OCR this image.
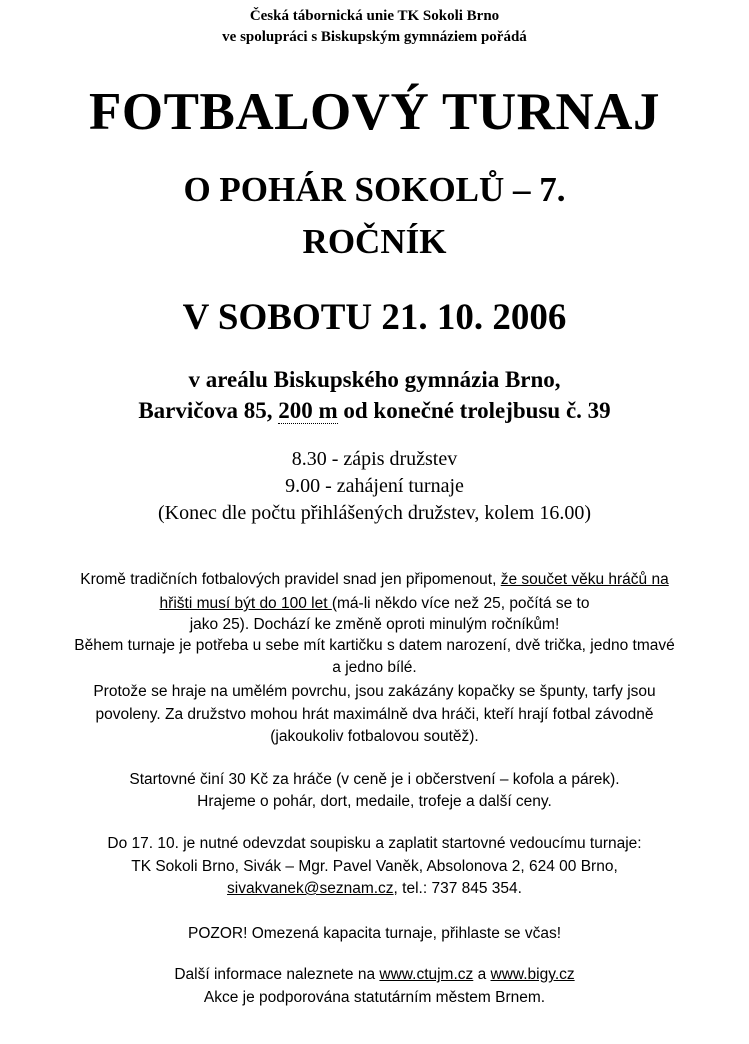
Česká tábornická unie TK Sokoli Brno
ve spolupráci s Biskupským gymnáziem pořádá
FOTBALOVÝ TURNAJ
O POHÁR SOKOLŮ – 7.
ROČNÍK
V SOBOTU 21. 10. 2006
v areálu Biskupského gymnázia Brno,
Barvičova 85, 200 m od konečné trolejbusu č. 39
8.30 - zápis družstev
9.00 - zahájení turnaje
(Konec dle počtu přihlášených družstev, kolem 16.00)
Kromě tradičních fotbalových pravidel snad jen připomenout, že součet věku hráčů na
hřišti musí být do 100 let (má-li někdo více než 25, počítá se to
jako 25). Dochází ke změně oproti minulým ročníkům!
Během turnaje je potřeba u sebe mít kartičku s datem narození, dvě trička, jedno tmavé
a jedno bílé.
Protože se hraje na umělém povrchu, jsou zakázány kopačky se špunty, tarfy jsou
povoleny. Za družstvo mohou hrát maximálně dva hráči, kteří hrají fotbal závodně
(jakoukoliv fotbalovou soutěž).
Startovné činí 30 Kč za hráče (v ceně je i občerstvení – kofola a párek).
Hrajeme o pohár, dort, medaile, trofeje a další ceny.
Do 17. 10. je nutné odevzdat soupisku a zaplatit startovné vedoucímu turnaje:
TK Sokoli Brno, Sivák – Mgr. Pavel Vaněk, Absolonova 2, 624 00 Brno,
sivakvanek@seznam.cz, tel.: 737 845 354.
POZOR! Omezená kapacita turnaje, přihlaste se včas!
Další informace naleznete na www.ctujm.cz a www.bigy.cz
Akce je podporována statutárním městem Brnem.
